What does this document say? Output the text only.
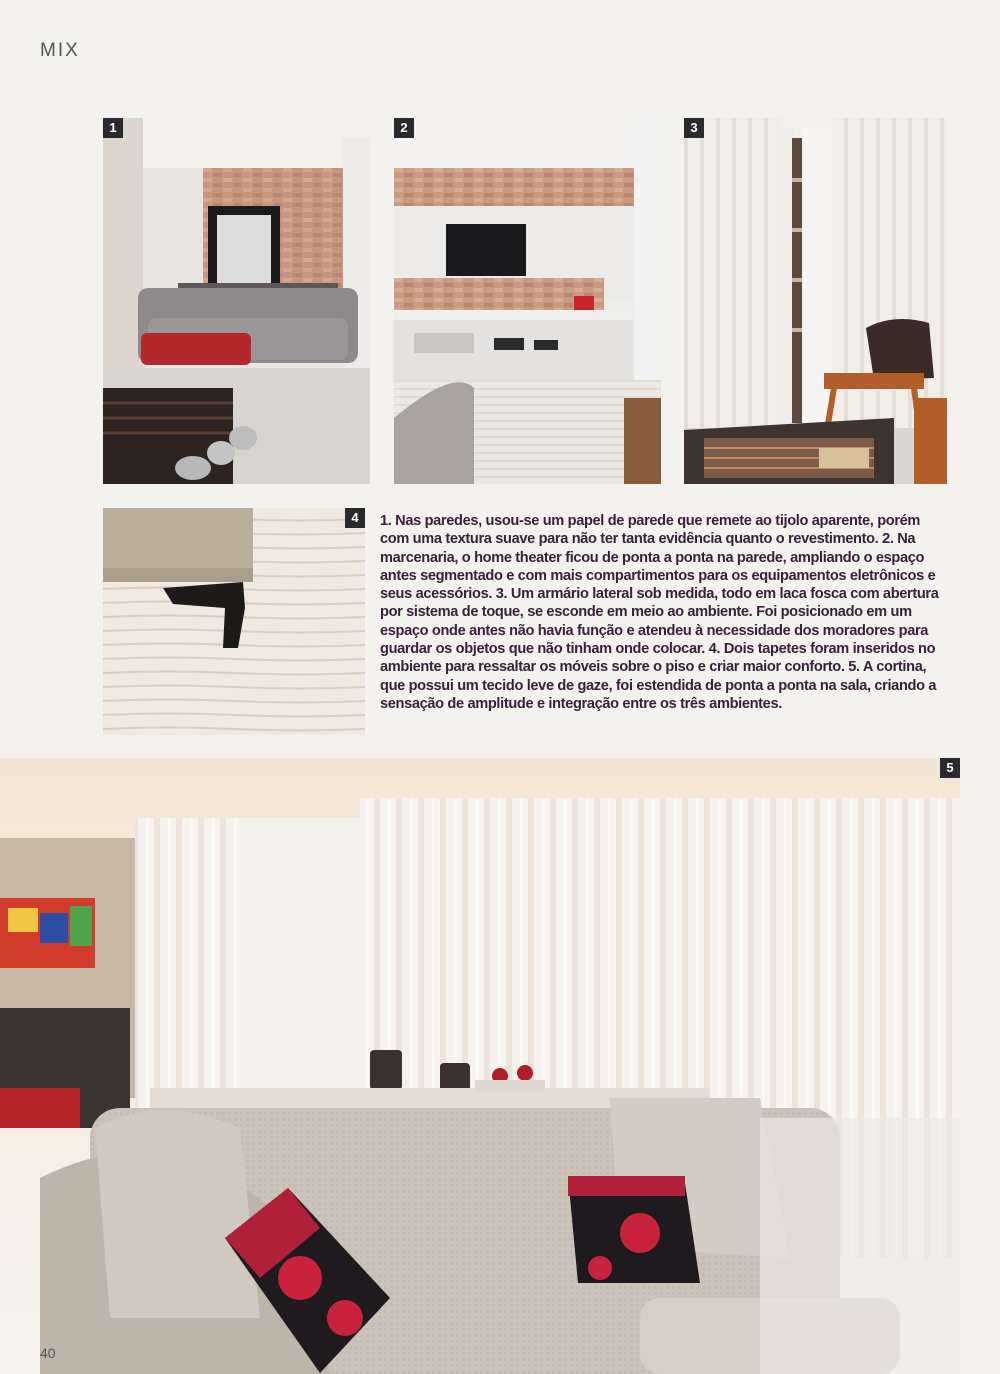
MIX
1	2	3
4	1. Nas paredes, usou-se um papel de parede que remete ao tijolo aparente, porém com uma textura suave para não ter tanta evidência quanto o revestimento. 2. Na marcenaria, o home theater ficou de ponta a ponta na parede, ampliando o espaço antes segmentado e com mais compartimentos para os equipamentos eletrônicos e seus acessórios. 3. Um armário lateral sob medida, todo em laca fosca com abertura por sistema de toque, se esconde em meio ao ambiente. Foi posicionado em um espaço onde antes não havia função e atendeu à necessidade dos moradores para guardar os objetos que não tinham onde colocar. 4. Dois tapetes foram inseridos no ambiente para ressaltar os móveis sobre o piso e criar maior conforto. 5. A cortina, que possui um tecido leve de gaze, foi estendida de ponta a ponta na sala, criando a sensação de amplitude e integração entre os três ambientes.
5
40
